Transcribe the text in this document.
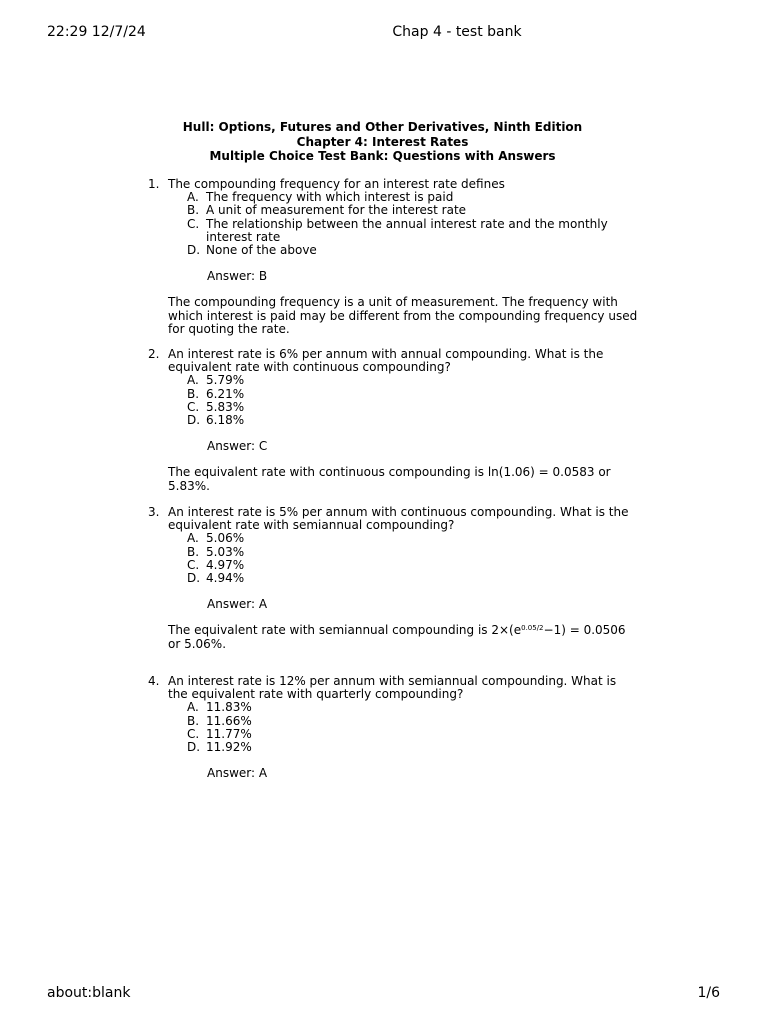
22:29 12/7/24	Chap 4 - test bank
Hull: Options, Futures and Other Derivatives, Ninth Edition
Chapter 4: Interest Rates
Multiple Choice Test Bank: Questions with Answers
1. The compounding frequency for an interest rate defines
A. The frequency with which interest is paid
B. A unit of measurement for the interest rate
C. The relationship between the annual interest rate and the monthly interest rate
D. None of the above
Answer: B
The compounding frequency is a unit of measurement. The frequency with which interest is paid may be different from the compounding frequency used for quoting the rate.
2. An interest rate is 6% per annum with annual compounding. What is the equivalent rate with continuous compounding?
A. 5.79%
B. 6.21%
C. 5.83%
D. 6.18%
Answer: C
The equivalent rate with continuous compounding is ln(1.06) = 0.0583 or 5.83%.
3. An interest rate is 5% per annum with continuous compounding. What is the equivalent rate with semiannual compounding?
A. 5.06%
B. 5.03%
C. 4.97%
D. 4.94%
Answer: A
The equivalent rate with semiannual compounding is $2\times(e^{0.05/2}-1) = 0.0506$ or 5.06%.
4. An interest rate is 12% per annum with semiannual compounding. What is the equivalent rate with quarterly compounding?
A. 11.83%
B. 11.66%
C. 11.77%
D. 11.92%
Answer: A
about:blank	1/6
